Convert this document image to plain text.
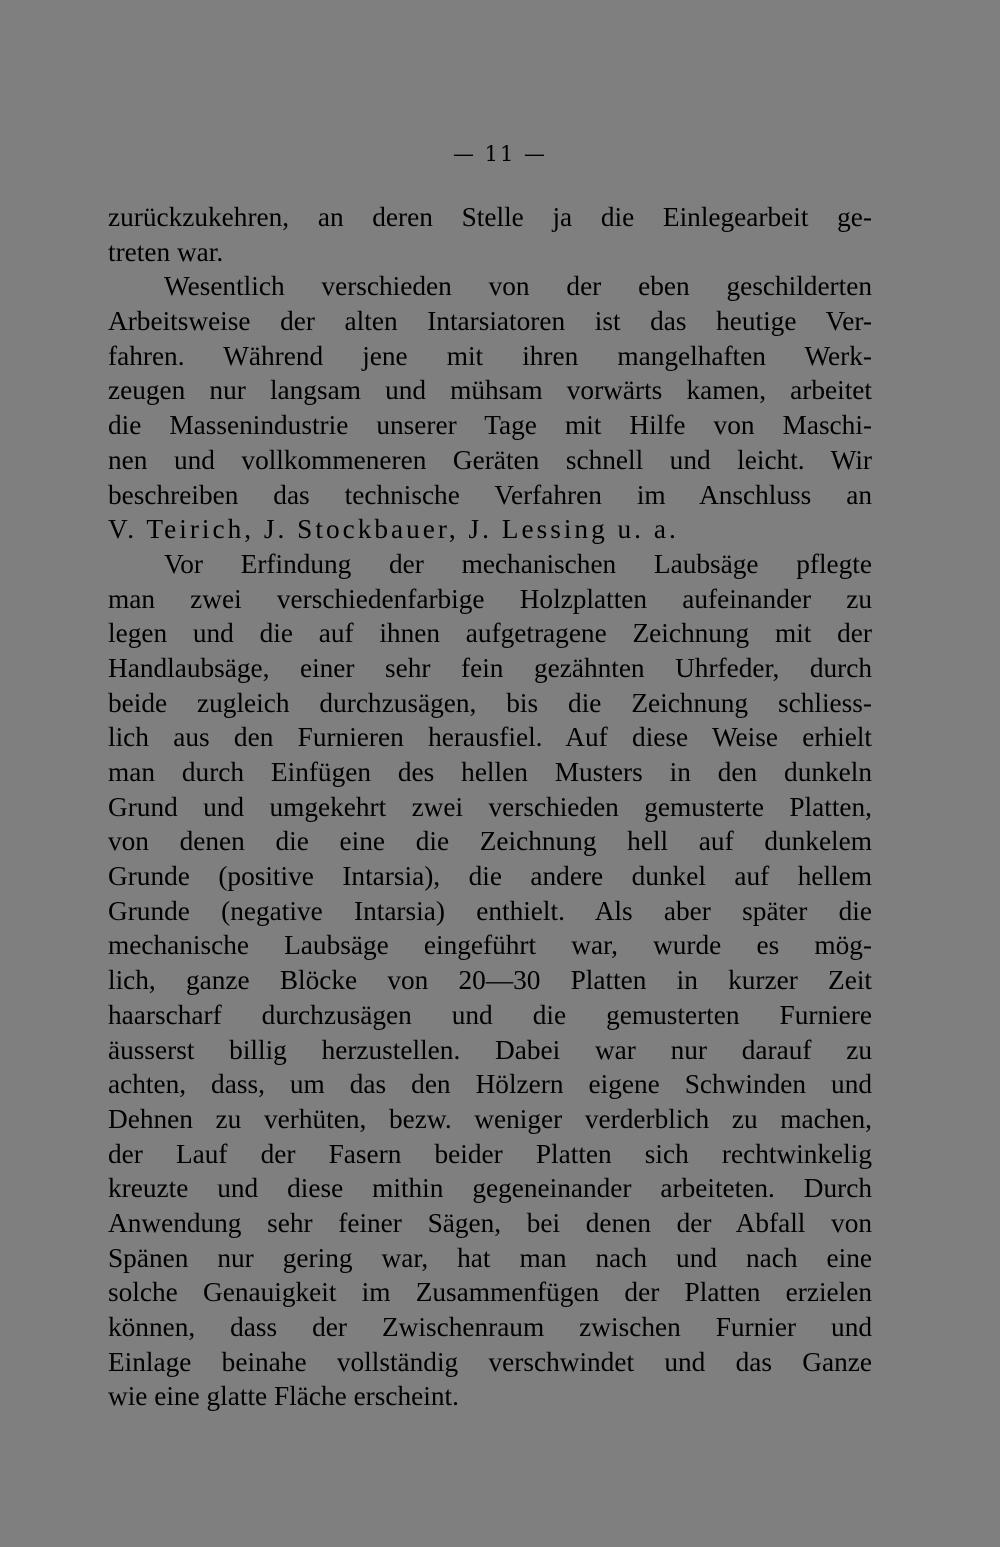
— 11 —
zurückzukehren, an deren Stelle ja die Einlegearbeit ge-
treten war.
Wesentlich verschieden von der eben geschilderten
Arbeitsweise der alten Intarsiatoren ist das heutige Ver-
fahren. Während jene mit ihren mangelhaften Werk-
zeugen nur langsam und mühsam vorwärts kamen, arbeitet
die Massenindustrie unserer Tage mit Hilfe von Maschi-
nen und vollkommeneren Geräten schnell und leicht. Wir
beschreiben das technische Verfahren im Anschluss an
V. Teirich, J. Stockbauer, J. Lessing u. a.
Vor Erfindung der mechanischen Laubsäge pflegte
man zwei verschiedenfarbige Holzplatten aufeinander zu
legen und die auf ihnen aufgetragene Zeichnung mit der
Handlaubsäge, einer sehr fein gezähnten Uhrfeder, durch
beide zugleich durchzusägen, bis die Zeichnung schliess-
lich aus den Furnieren herausfiel. Auf diese Weise erhielt
man durch Einfügen des hellen Musters in den dunkeln
Grund und umgekehrt zwei verschieden gemusterte Platten,
von denen die eine die Zeichnung hell auf dunkelem
Grunde (positive Intarsia), die andere dunkel auf hellem
Grunde (negative Intarsia) enthielt. Als aber später die
mechanische Laubsäge eingeführt war, wurde es mög-
lich, ganze Blöcke von 20—30 Platten in kurzer Zeit
haarscharf durchzusägen und die gemusterten Furniere
äusserst billig herzustellen. Dabei war nur darauf zu
achten, dass, um das den Hölzern eigene Schwinden und
Dehnen zu verhüten, bezw. weniger verderblich zu machen,
der Lauf der Fasern beider Platten sich rechtwinkelig
kreuzte und diese mithin gegeneinander arbeiteten. Durch
Anwendung sehr feiner Sägen, bei denen der Abfall von
Spänen nur gering war, hat man nach und nach eine
solche Genauigkeit im Zusammenfügen der Platten erzielen
können, dass der Zwischenraum zwischen Furnier und
Einlage beinahe vollständig verschwindet und das Ganze
wie eine glatte Fläche erscheint.
